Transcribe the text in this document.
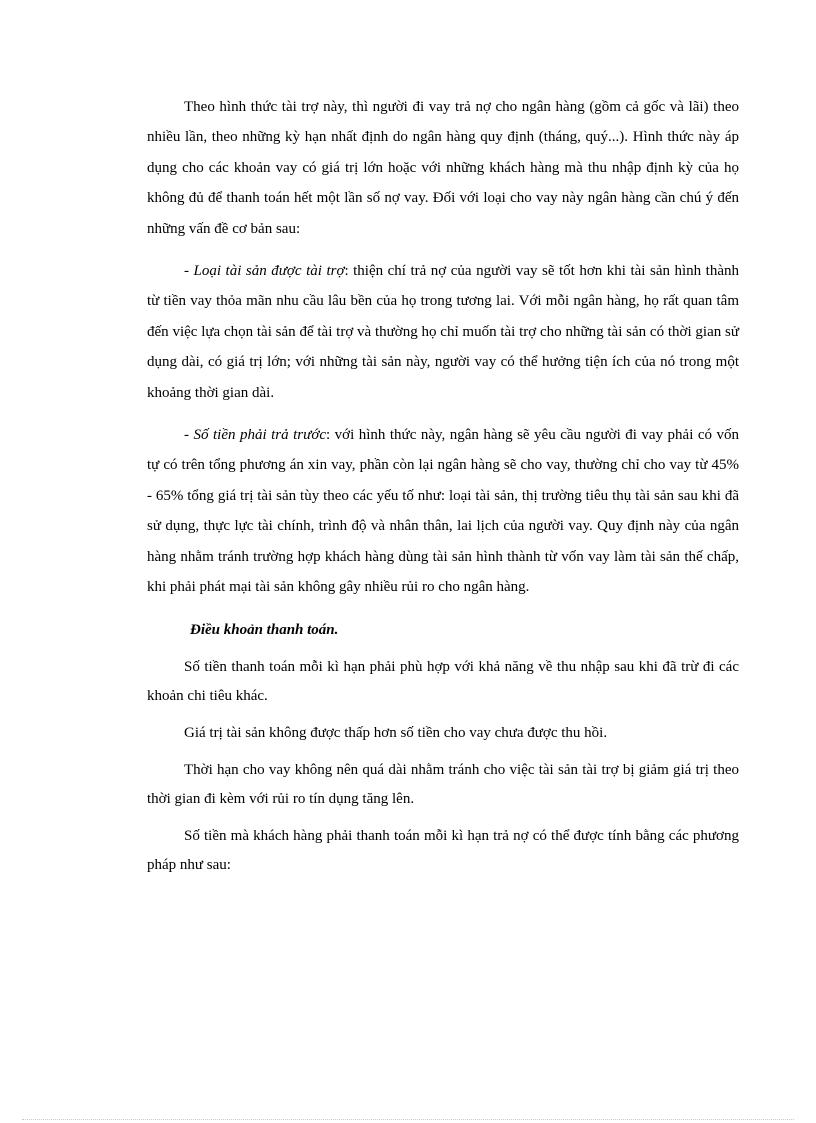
Theo hình thức tài trợ này, thì người đi vay trả nợ cho ngân hàng (gồm cả gốc và lãi) theo nhiều lần, theo những kỳ hạn nhất định do ngân hàng quy định (tháng, quý...). Hình thức này áp dụng cho các khoản vay có giá trị lớn hoặc với những khách hàng mà thu nhập định kỳ của họ không đủ để thanh toán hết một lần số nợ vay. Đối với loại cho vay này ngân hàng cần chú ý đến những vấn đề cơ bản sau:

- Loại tài sản được tài trợ: thiện chí trả nợ của người vay sẽ tốt hơn khi tài sản hình thành từ tiền vay thỏa mãn nhu cầu lâu bền của họ trong tương lai. Với mỗi ngân hàng, họ rất quan tâm đến việc lựa chọn tài sản để tài trợ và thường họ chỉ muốn tài trợ cho những tài sản có thời gian sử dụng dài, có giá trị lớn; với những tài sản này, người vay có thể hưởng tiện ích của nó trong một khoảng thời gian dài.

- Số tiền phải trả trước: với hình thức này, ngân hàng sẽ yêu cầu người đi vay phải có vốn tự có trên tổng phương án xin vay, phần còn lại ngân hàng sẽ cho vay, thường chỉ cho vay từ 45% - 65% tổng giá trị tài sản tùy theo các yếu tố như: loại tài sản, thị trường tiêu thụ tài sản sau khi đã sử dụng, thực lực tài chính, trình độ và nhân thân, lai lịch của người vay. Quy định này của ngân hàng nhằm tránh trường hợp khách hàng dùng tài sản hình thành từ vốn vay làm tài sản thế chấp, khi phải phát mại tài sản không gây nhiều rủi ro cho ngân hàng.

Điều khoản thanh toán.

Số tiền thanh toán mỗi kì hạn phải phù hợp với khả năng về thu nhập sau khi đã trừ đi các khoản chi tiêu khác.

Giá trị tài sản không được thấp hơn số tiền cho vay chưa được thu hồi.

Thời hạn cho vay không nên quá dài nhằm tránh cho việc tài sản tài trợ bị giảm giá trị theo thời gian đi kèm với rủi ro tín dụng tăng lên.

Số tiền mà khách hàng phải thanh toán mỗi kì hạn trả nợ có thể được tính bằng các phương pháp như sau:
